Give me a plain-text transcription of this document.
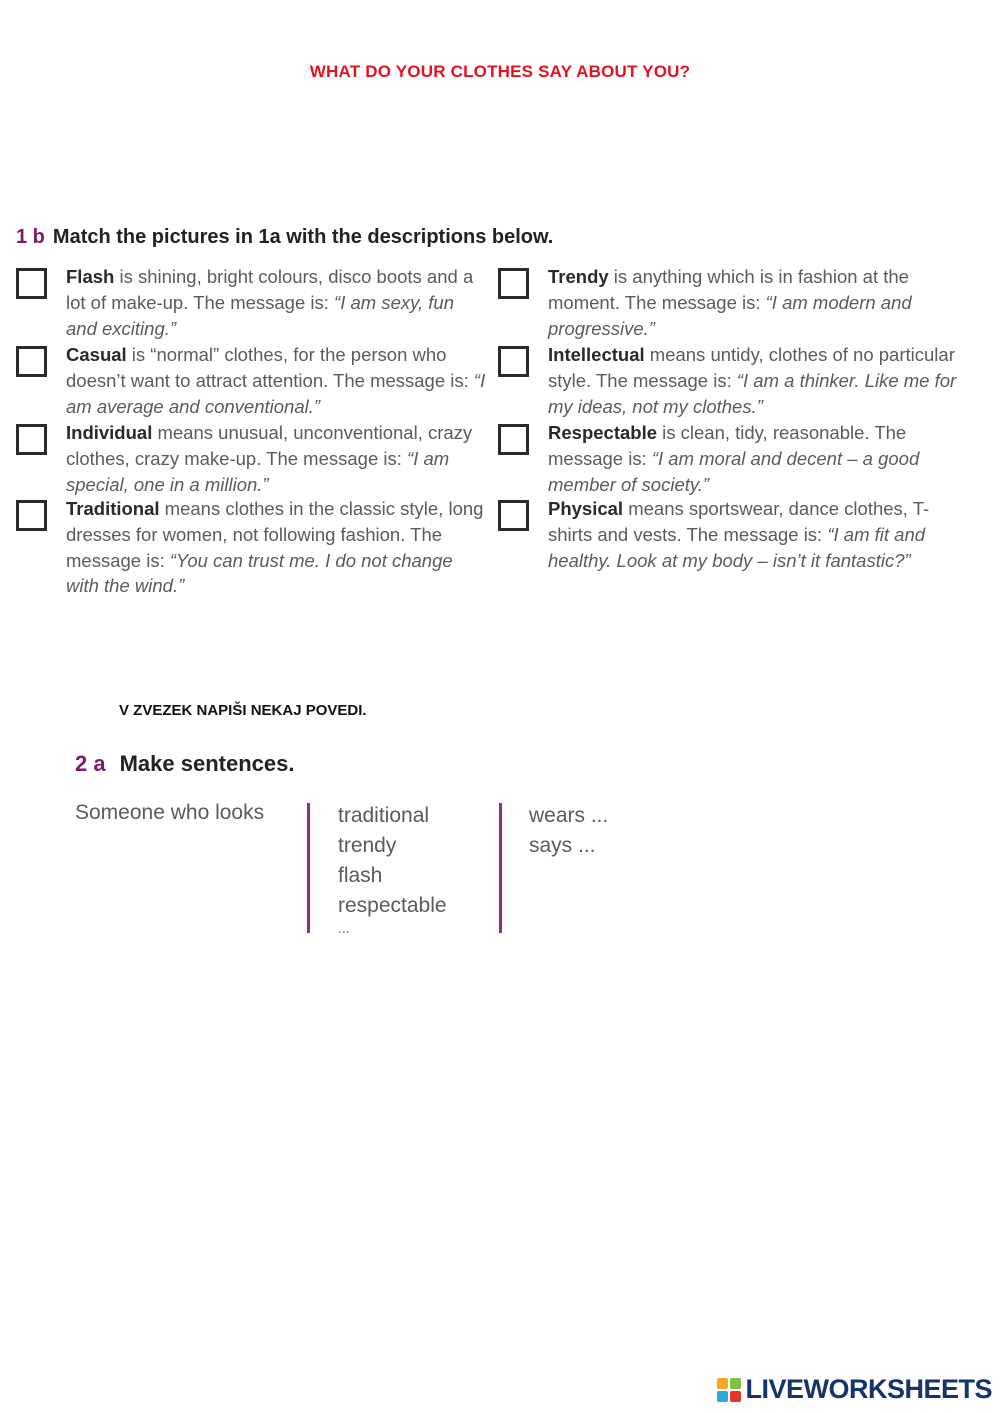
WHAT DO YOUR CLOTHES SAY ABOUT YOU?
1 b Match the pictures in 1a with the descriptions below.
Flash is shining, bright colours, disco boots and a lot of make-up. The message is: “I am sexy, fun and exciting.”
Casual is “normal” clothes, for the person who doesn’t want to attract attention. The message is: “I am average and conventional.”
Individual means unusual, unconventional, crazy clothes, crazy make-up. The message is: “I am special, one in a million.”
Traditional means clothes in the classic style, long dresses for women, not following fashion. The message is: “You can trust me. I do not change with the wind.”
Trendy is anything which is in fashion at the moment. The message is: “I am modern and progressive.”
Intellectual means untidy, clothes of no particular style. The message is: “I am a thinker. Like me for my ideas, not my clothes.”
Respectable is clean, tidy, reasonable. The message is: “I am moral and decent – a good member of society.”
Physical means sportswear, dance clothes, T-shirts and vests. The message is: “I am fit and healthy. Look at my body – isn’t it fantastic?”
V ZVEZEK NAPIŠI NEKAJ POVEDI.
2 a Make sentences.
Someone who looks	traditional
trendy
flash
respectable
...
wears ...
says ...
LIVEWORKSHEETS
